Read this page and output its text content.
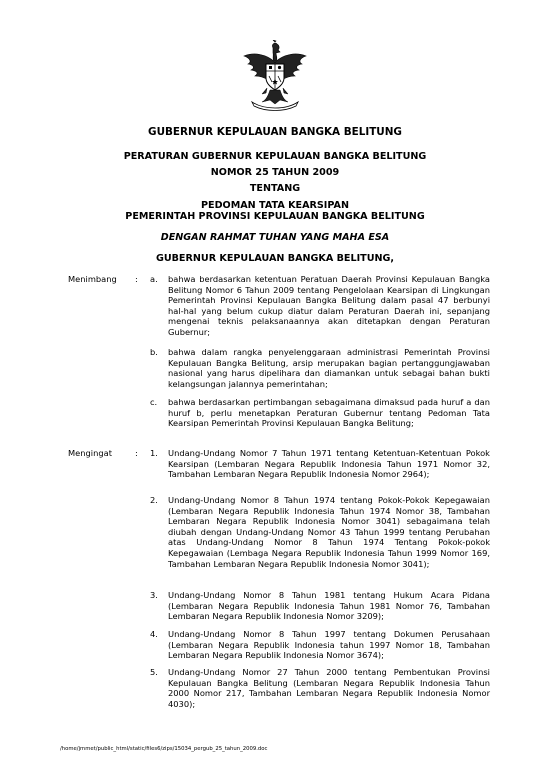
GUBERNUR KEPULAUAN BANGKA BELITUNG
PERATURAN GUBERNUR KEPULAUAN BANGKA BELITUNG
NOMOR 25 TAHUN 2009
TENTANG
PEDOMAN TATA KEARSIPAN
PEMERINTAH PROVINSI KEPULAUAN BANGKA BELITUNG
DENGAN RAHMAT TUHAN YANG MAHA ESA
GUBERNUR KEPULAUAN BANGKA BELITUNG,
Menimbang : a.	bahwa berdasarkan ketentuan Peratuan Daerah Provinsi Kepulauan Bangka Belitung Nomor 6 Tahun 2009 tentang Pengelolaan Kearsipan di Lingkungan Pemerintah Provinsi Kepulauan Bangka Belitung dalam pasal 47 berbunyi hal-hal yang belum cukup diatur dalam Peraturan Daerah ini, sepanjang mengenai teknis pelaksanaannya akan ditetapkan dengan Peraturan Gubernur;
b.	bahwa dalam rangka penyelenggaraan administrasi Pemerintah Provinsi Kepulauan Bangka Belitung, arsip merupakan bagian pertanggungjawaban nasional yang harus dipelihara dan diamankan untuk sebagai bahan bukti kelangsungan jalannya pemerintahan;
c.	bahwa berdasarkan pertimbangan sebagaimana dimaksud pada huruf a dan huruf b, perlu menetapkan Peraturan Gubernur tentang Pedoman Tata Kearsipan Pemerintah Provinsi Kepulauan Bangka Belitung;
Mengingat	: 1.	Undang-Undang Nomor 7 Tahun 1971 tentang Ketentuan-Ketentuan Pokok Kearsipan (Lembaran Negara Republik Indonesia Tahun 1971 Nomor 32, Tambahan Lembaran Negara Republik Indonesia Nomor 2964);
2.	Undang-Undang Nomor 8 Tahun 1974 tentang Pokok-Pokok Kepegawaian (Lembaran Negara Republik Indonesia Tahun 1974 Nomor 38, Tambahan Lembaran Negara Republik Indonesia Nomor 3041) sebagaimana telah diubah dengan Undang-Undang Nomor 43 Tahun 1999 tentang Perubahan atas Undang-Undang Nomor 8 Tahun 1974 Tentang Pokok-pokok Kepegawaian (Lembaga Negara Republik Indonesia Tahun 1999 Nomor 169, Tambahan Lembaran Negara Republik Indonesia Nomor 3041);
3.	Undang-Undang Nomor 8 Tahun 1981 tentang Hukum Acara Pidana (Lembaran Negara Republik Indonesia Tahun 1981 Nomor 76, Tambahan Lembaran Negara Republik Indonesia Nomor 3209);
4.	Undang-Undang Nomor 8 Tahun 1997 tentang Dokumen Perusahaan (Lembaran Negara Republik Indonesia tahun 1997 Nomor 18, Tambahan Lembaran Negara Republik Indonesia Nomor 3674);
5.	Undang-Undang Nomor 27 Tahun 2000 tentang Pembentukan Provinsi Kepulauan Bangka Belitung (Lembaran Negara Republik Indonesia Tahun 2000 Nomor 217, Tambahan Lembaran Negara Republik Indonesia Nomor 4030);
/home/jmmet/public_html/static/files6/zips/15034_pergub_25_tahun_2009.doc
